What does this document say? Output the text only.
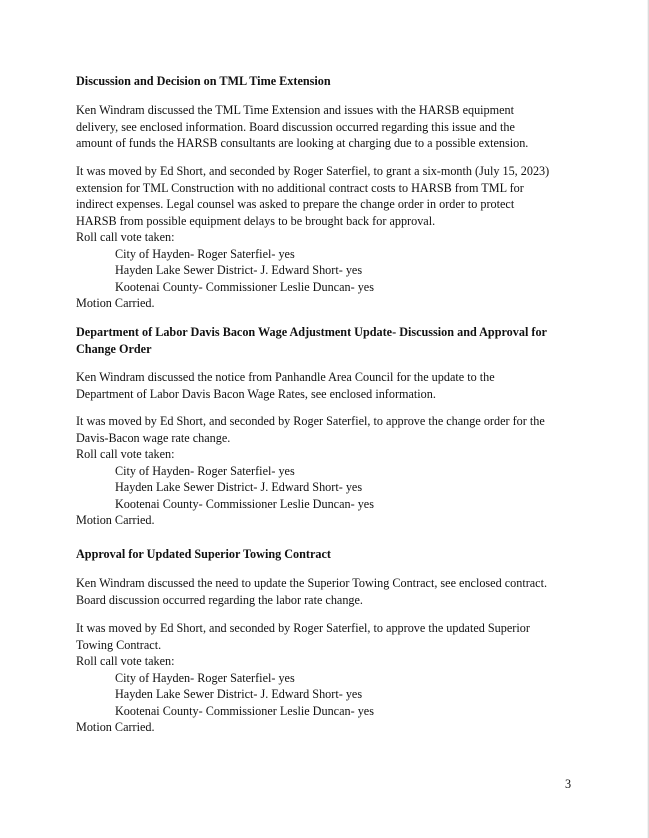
Discussion and Decision on TML Time Extension
Ken Windram discussed the TML Time Extension and issues with the HARSB equipment
delivery, see enclosed information. Board discussion occurred regarding this issue and the
amount of funds the HARSB consultants are looking at charging due to a possible extension.
It was moved by Ed Short, and seconded by Roger Saterfiel, to grant a six-month (July 15, 2023)
extension for TML Construction with no additional contract costs to HARSB from TML for
indirect expenses. Legal counsel was asked to prepare the change order in order to protect
HARSB from possible equipment delays to be brought back for approval.
Roll call vote taken:
City of Hayden- Roger Saterfiel- yes
Hayden Lake Sewer District- J. Edward Short- yes
Kootenai County- Commissioner Leslie Duncan- yes
Motion Carried.
Department of Labor Davis Bacon Wage Adjustment Update- Discussion and Approval for
Change Order
Ken Windram discussed the notice from Panhandle Area Council for the update to the
Department of Labor Davis Bacon Wage Rates, see enclosed information.
It was moved by Ed Short, and seconded by Roger Saterfiel, to approve the change order for the
Davis-Bacon wage rate change.
Roll call vote taken:
City of Hayden- Roger Saterfiel- yes
Hayden Lake Sewer District- J. Edward Short- yes
Kootenai County- Commissioner Leslie Duncan- yes
Motion Carried.
Approval for Updated Superior Towing Contract
Ken Windram discussed the need to update the Superior Towing Contract, see enclosed contract.
Board discussion occurred regarding the labor rate change.
It was moved by Ed Short, and seconded by Roger Saterfiel, to approve the updated Superior
Towing Contract.
Roll call vote taken:
City of Hayden- Roger Saterfiel- yes
Hayden Lake Sewer District- J. Edward Short- yes
Kootenai County- Commissioner Leslie Duncan- yes
Motion Carried.
3
